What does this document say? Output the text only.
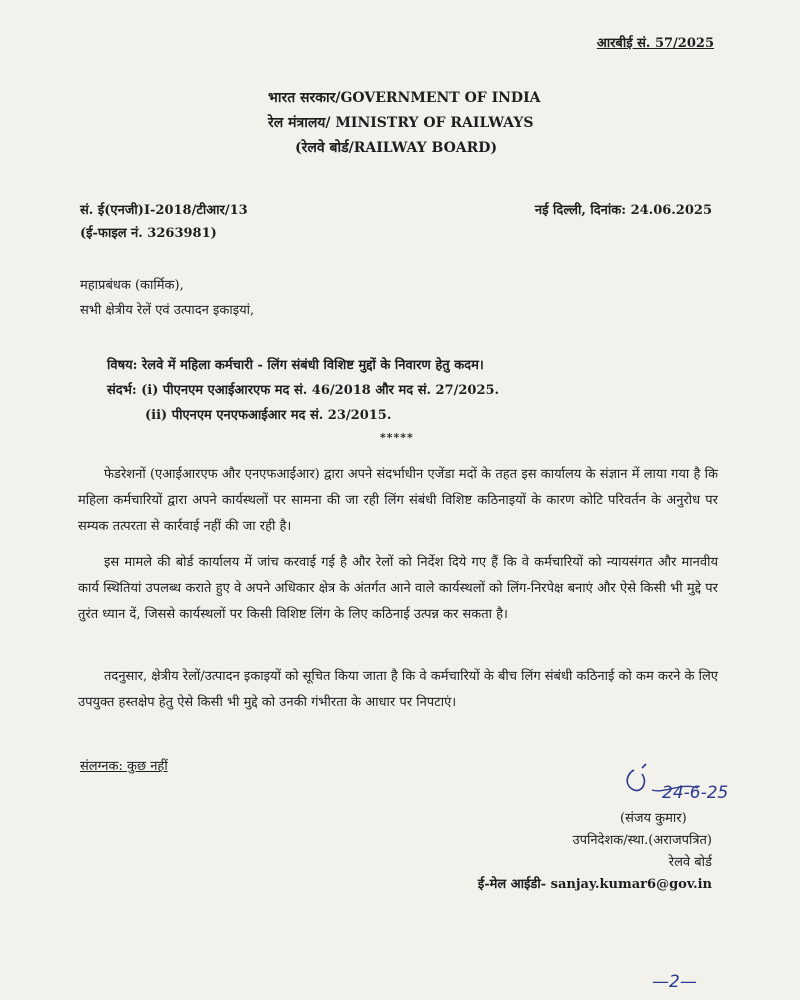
आरबीई सं. 57/2025
भारत सरकार/GOVERNMENT OF INDIA
रेल मंत्रालय/ MINISTRY OF RAILWAYS
(रेलवे बोर्ड/RAILWAY BOARD)
सं. ई(एनजी)I-2018/टीआर/13
(ई-फाइल नं. 3263981)
नई दिल्ली, दिनांक: 24.06.2025
महाप्रबंधक (कार्मिक),
सभी क्षेत्रीय रेलें एवं उत्पादन इकाइयां,
विषय: रेलवे में महिला कर्मचारी - लिंग संबंधी विशिष्ट मुद्दों के निवारण हेतु कदम।
संदर्भ: (i) पीएनएम एआईआरएफ मद सं. 46/2018 और मद सं. 27/2025.
(ii) पीएनएम एनएफआईआर मद सं. 23/2015.
*****
फेडरेशनों (एआईआरएफ और एनएफआईआर) द्वारा अपने संदर्भाधीन एजेंडा मदों के तहत इस कार्यालय के संज्ञान में लाया गया है कि महिला कर्मचारियों द्वारा अपने कार्यस्थलों पर सामना की जा रही लिंग संबंधी विशिष्ट कठिनाइयों के कारण कोटि परिवर्तन के अनुरोध पर सम्यक तत्परता से कार्रवाई नहीं की जा रही है।
इस मामले की बोर्ड कार्यालय में जांच करवाई गई है और रेलों को निर्देश दिये गए हैं कि वे कर्मचारियों को न्यायसंगत और मानवीय कार्य स्थितियां उपलब्ध कराते हुए वे अपने अधिकार क्षेत्र के अंतर्गत आने वाले कार्यस्थलों को लिंग-निरपेक्ष बनाएं और ऐसे किसी भी मुद्दे पर तुरंत ध्यान दें, जिससे कार्यस्थलों पर किसी विशिष्ट लिंग के लिए कठिनाई उत्पन्न कर सकता है।
तदनुसार, क्षेत्रीय रेलों/उत्पादन इकाइयों को सूचित किया जाता है कि वे कर्मचारियों के बीच लिंग संबंधी कठिनाई को कम करने के लिए उपयुक्त हस्तक्षेप हेतु ऐसे किसी भी मुद्दे को उनकी गंभीरता के आधार पर निपटाएं।
संलग्नक: कुछ नहीं
24-6-25
(संजय कुमार)
उपनिदेशक/स्था.(अराजपत्रित)
रेलवे बोर्ड
ई-मेल आईडी- sanjay.kumar6@gov.in
—2—
